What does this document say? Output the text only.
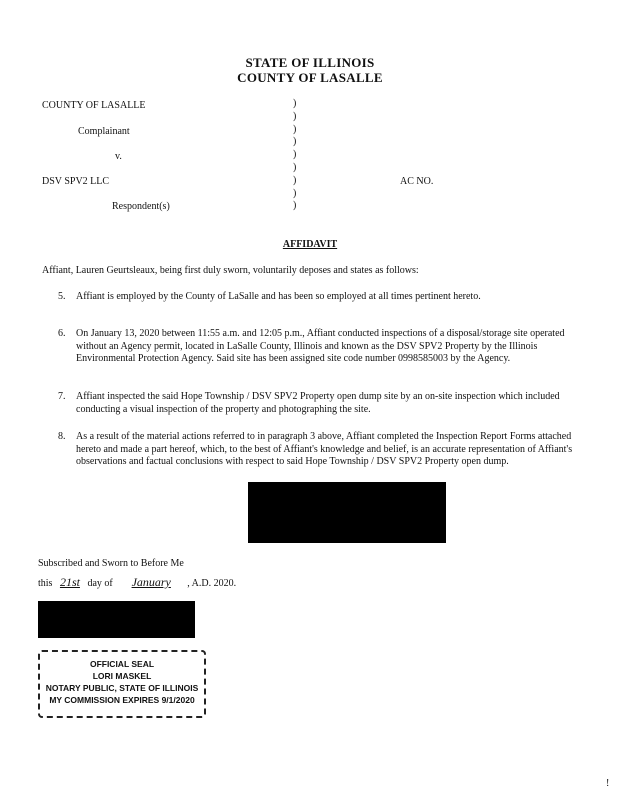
STATE OF ILLINOIS
COUNTY OF LASALLE
COUNTY OF LASALLE
Complainant
v.
DSV SPV2 LLC
Respondent(s)
AC NO.
)
)
)
)
)
)
)
)
)
AFFIDAVIT
Affiant, Lauren Geurtsleaux, being first duly sworn, voluntarily deposes and states as follows:
5. Affiant is employed by the County of LaSalle and has been so employed at all times pertinent hereto.
6. On January 13, 2020 between 11:55 a.m. and 12:05 p.m., Affiant conducted inspections of a disposal/storage site operated without an Agency permit, located in LaSalle County, Illinois and known as the DSV SPV2 Property by the Illinois Environmental Protection Agency. Said site has been assigned site code number 0998585003 by the Agency.
7. Affiant inspected the said Hope Township / DSV SPV2 Property open dump site by an on-site inspection which included conducting a visual inspection of the property and photographing the site.
8. As a result of the material actions referred to in paragraph 3 above, Affiant completed the Inspection Report Forms attached hereto and made a part hereof, which, to the best of Affiant's knowledge and belief, is an accurate representation of Affiant's observations and factual conclusions with respect to said Hope Township / DSV SPV2 Property open dump.
Subscribed and Sworn to Before Me
this 21st day of January , A.D. 2020.
OFFICIAL SEAL
LORI MASKEL
NOTARY PUBLIC, STATE OF ILLINOIS
MY COMMISSION EXPIRES 9/1/2020
!
